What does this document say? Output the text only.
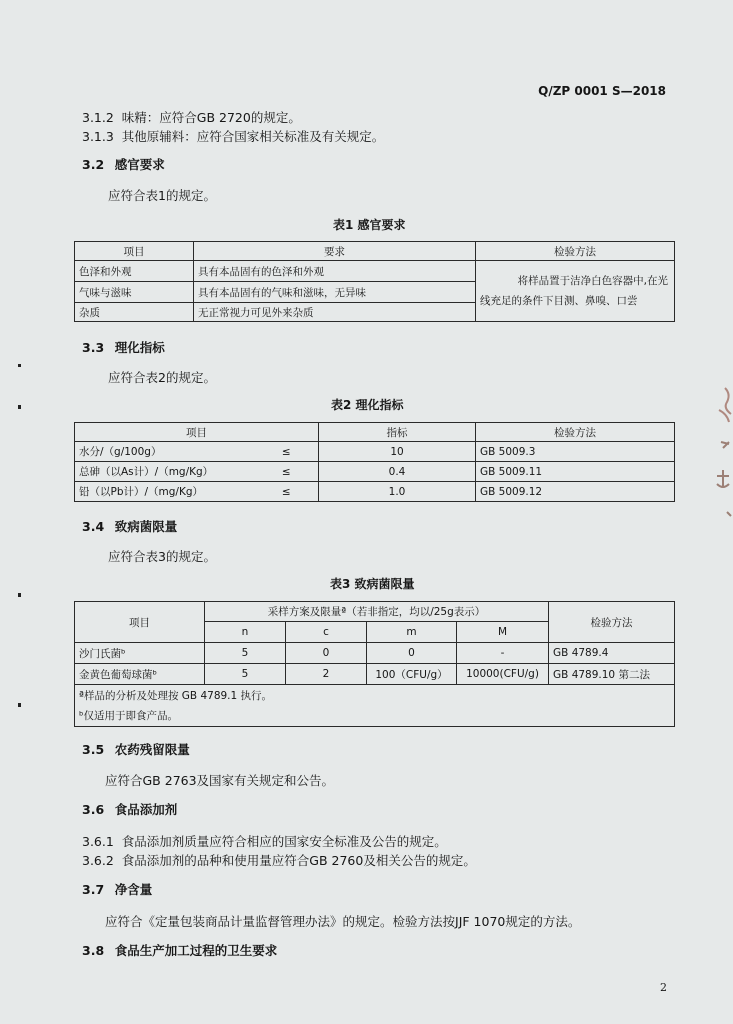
Q/ZP 0001 S—2018
3.1.2 味精：应符合GB 2720的规定。
3.1.3 其他原辅料：应符合国家相关标准及有关规定。
3.2 感官要求
应符合表1的规定。
表1 感官要求
项目	要求	检验方法
色泽和外观	具有本品固有的色泽和外观	将样品置于洁净白色容器中,在光
线充足的条件下目测、鼻嗅、口尝

气味与滋味	具有本品固有的气味和滋味，无异味	
杂质	无正常视力可见外来杂质	
3.3 理化指标
应符合表2的规定。
表2 理化指标
项目		指标	检验方法
水分/（g/100g）	≤	10	GB 5009.3
总砷（以As计）/（mg/Kg）	≤	0.4	GB 5009.11
铅（以Pb计）/（mg/Kg）	≤	1.0	GB 5009.12
3.4 致病菌限量
应符合表3的规定。
表3 致病菌限量
项目	采样方案及限量ª（若非指定，均以/25g表示）				检验方法
	n	c	m	M	
沙门氏菌ᵇ	5	0	0	-	GB 4789.4
金黄色葡萄球菌ᵇ	5	2	100（CFU/g）	10000(CFU/g)	GB 4789.10 第二法

ª样品的分析及处理按 GB 4789.1 执行。
ᵇ仅适用于即食产品。					
3.5 农药残留限量
应符合GB 2763及国家有关规定和公告。
3.6 食品添加剂
3.6.1 食品添加剂质量应符合相应的国家安全标准及公告的规定。
3.6.2 食品添加剂的品种和使用量应符合GB 2760及相关公告的规定。
3.7 净含量
应符合《定量包装商品计量监督管理办法》的规定。检验方法按JJF 1070规定的方法。
3.8 食品生产加工过程的卫生要求
2
